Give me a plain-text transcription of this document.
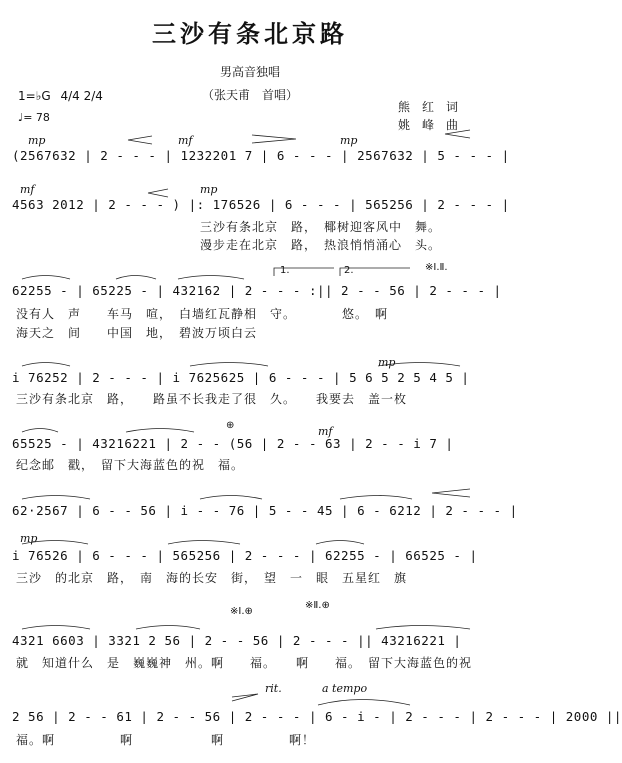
三沙有条北京路
男高音独唱
（张天甫　首唱）
熊　红　词
姚　峰　曲
1=♭G 4/4 2/4
♩= 78
mp	mf	mp
mf	mp
mp
mf
mp
※Ⅰ.Ⅱ.
1.	2.
⊕
※Ⅰ.⊕
※Ⅱ.⊕
rit.	a tempo
(2567632 | 2 - - - | 1232201 7 | 6 - - - | 2567632 | 5 - - - |
4563 2012 | 2 - - - ) |: 176526 | 6 - - - | 565256 | 2 - - - |
三沙有条北京　路，　椰树迎客风中　舞。
漫步走在北京　路，　热浪悄悄涌心　头。
62255 - | 65225 - | 432162 | 2 - - - :|| 2 - - 56 | 2 - - - |
没有人　声　　车马　喧，　白墙红瓦静相　守。　　　　悠。　啊
海天之　间　　中国　地，　碧波万顷白云
i 76252 | 2 - - - | i 7625625 | 6 - - - | 5 6 5 2 5 4 5 |
三沙有条北京　路，　　路虽不长我走了很　久。　　我要去　盖一枚
65525 - | 43216221 | 2 - - (56 | 2 - - 63 | 2 - - i 7 |
纪念邮　戳，　留下大海蓝色的祝　福。
62·2567 | 6 - - 56 | i - - 76 | 5 - - 45 | 6 - 6212 | 2 - - - |
i 76526 | 6 - - - | 565256 | 2 - - - | 62255 - | 66525 - |
三沙　的北京　路，　南　海的长安　街，　望　一　眼　五星红　旗
4321 6603 | 3321 2 56 | 2 - - 56 | 2 - - - || 43216221 |
就　知道什么　是　巍巍神　州。啊　　福。　　啊　　福。　留下大海蓝色的祝
2 56 | 2 - - 61 | 2 - - 56 | 2 - - - | 6 - i - | 2 - - - | 2 - - - | 2000 ||
福。啊　　　　　啊　　　　　　啊　　　　　啊！
